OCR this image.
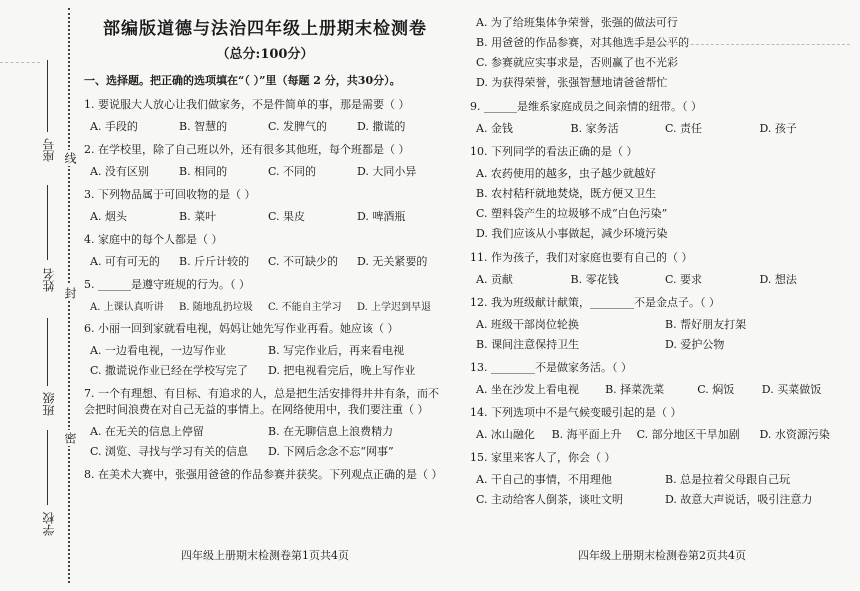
学校
班级
姓名
座号 线
封
密
部编版道德与法治四年级上册期末检测卷
（总分:100分）
一、选择题。把正确的选项填在“（ ）”里（每题 2 分，共30分）。
1. 要说服大人放心让我们做家务，不是件简单的事，那是需要（ ）
A. 手段的	B. 智慧的	C. 发脾气的	D. 撒谎的
2. 在学校里，除了自己班以外，还有很多其他班，每个班都是（ ）
A. 没有区别	B. 相同的	C. 不同的	D. 大同小异
3. 下列物品属于可回收物的是（ ）
A. 烟头	B. 菜叶	C. 果皮	D. 啤酒瓶
4. 家庭中的每个人都是（ ）
A. 可有可无的	B. 斤斤计较的	C. 不可缺少的	D. 无关紧要的
5. ______是遵守班规的行为。（ ）
A. 上课认真听讲	B. 随地乱扔垃圾	C. 不能自主学习	D. 上学迟到早退
6. 小丽一回到家就看电视，妈妈让她先写作业再看。她应该（ ）
A. 一边看电视，一边写作业	B. 写完作业后，再来看电视
C. 撒谎说作业已经在学校写完了	D. 把电视看完后，晚上写作业
7. 一个有理想、有目标、有追求的人，总是把生活安排得井井有条，而不会把时间浪费在对自己无益的事情上。在网络使用中，我们要注重（ ）
A. 在无关的信息上停留	B. 在无聊信息上浪费精力
C. 浏览、寻找与学习有关的信息	D. 下网后念念不忘“网事”
8. 在美术大赛中，张强用爸爸的作品参赛并获奖。下列观点正确的是（ ）
四年级上册期末检测卷第1页共4页
A. 为了给班集体争荣誉，张强的做法可行
B. 用爸爸的作品参赛，对其他选手是公平的
C. 参赛就应实事求是，否则赢了也不光彩
D. 为获得荣誉，张强智慧地请爸爸帮忙
9. ______是维系家庭成员之间亲情的纽带。（ ）
A. 金钱	B. 家务活	C. 责任	D. 孩子
10. 下列同学的看法正确的是（ ）
A. 农药使用的越多，虫子越少就越好
B. 农村秸秆就地焚烧，既方便又卫生
C. 塑料袋产生的垃圾够不成“白色污染”
D. 我们应该从小事做起，减少环境污染
11. 作为孩子，我们对家庭也要有自己的（ ）
A. 贡献	B. 零花钱	C. 要求	D. 想法
12. 我为班级献计献策，________不是金点子。（ ）
A. 班级干部岗位轮换	B. 帮好朋友打架
B. 课间注意保持卫生	D. 爱护公物
13. ________不是做家务活。（ ）
A. 坐在沙发上看电视	B. 择菜洗菜	C. 焖饭	D. 买菜做饭
14. 下列选项中不是气候变暖引起的是（ ）
A. 冰山融化	B. 海平面上升	C. 部分地区干旱加剧	D. 水资源污染
15. 家里来客人了，你会（ ）
A. 干自己的事情，不用理他	B. 总是拉着父母跟自己玩
C. 主动给客人倒茶，谈吐文明	D. 故意大声说话，吸引注意力
四年级上册期末检测卷第2页共4页
